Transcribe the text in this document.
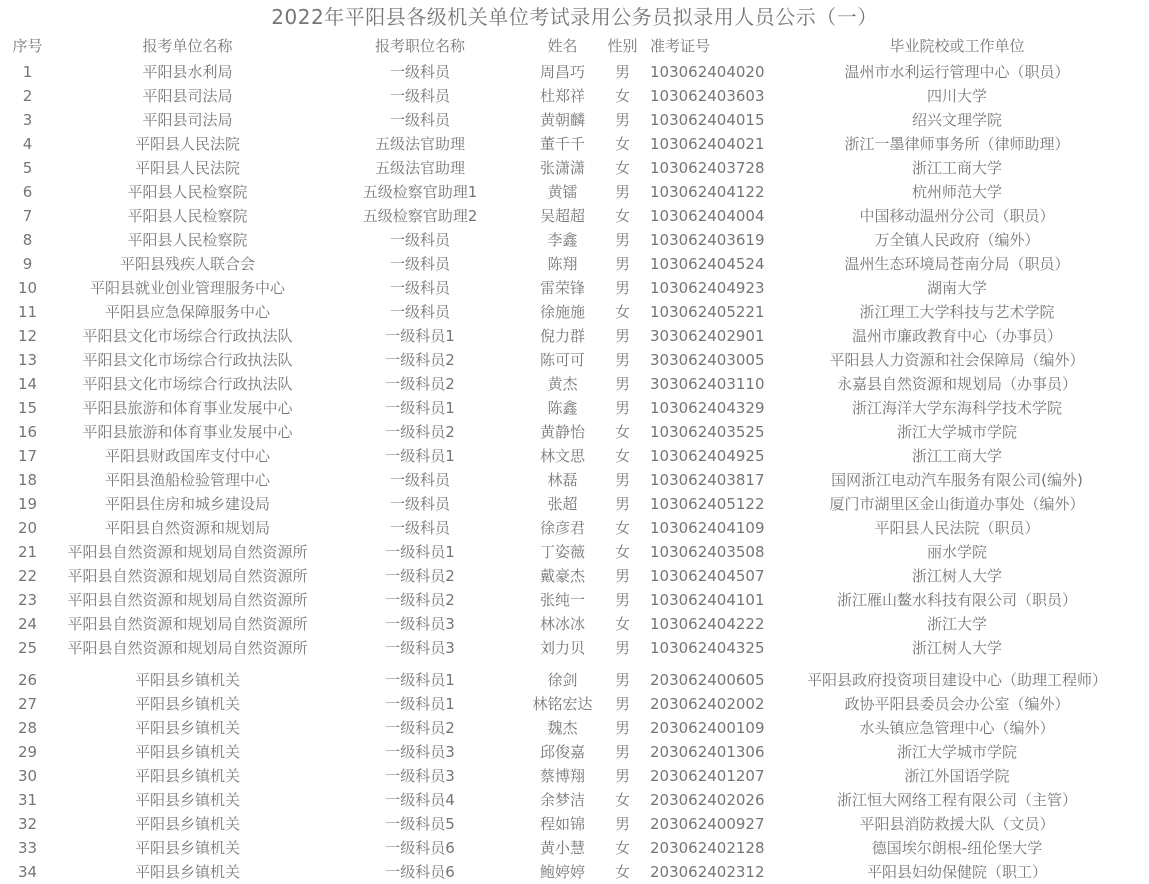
2022年平阳县各级机关单位考试录用公务员拟录用人员公示（一）
序号	报考单位名称	报考职位名称	姓名	性别	准考证号	毕业院校或工作单位
1	平阳县水利局	一级科员	周昌巧	男	103062404020	温州市水利运行管理中心（职员）
2	平阳县司法局	一级科员	杜郑祥	女	103062403603	四川大学
3	平阳县司法局	一级科员	黄朝麟	男	103062404015	绍兴文理学院
4	平阳县人民法院	五级法官助理	董千千	女	103062404021	浙江一墨律师事务所（律师助理）
5	平阳县人民法院	五级法官助理	张潇潇	女	103062403728	浙江工商大学
6	平阳县人民检察院	五级检察官助理1	黄镭	男	103062404122	杭州师范大学
7	平阳县人民检察院	五级检察官助理2	吴超超	女	103062404004	中国移动温州分公司（职员）
8	平阳县人民检察院	一级科员	李鑫	男	103062403619	万全镇人民政府（编外）
9	平阳县残疾人联合会	一级科员	陈翔	男	103062404524	温州生态环境局苍南分局（职员）
10	平阳县就业创业管理服务中心	一级科员	雷荣锋	男	103062404923	湖南大学
11	平阳县应急保障服务中心	一级科员	徐施施	女	103062405221	浙江理工大学科技与艺术学院
12	平阳县文化市场综合行政执法队	一级科员1	倪力群	男	303062402901	温州市廉政教育中心（办事员）
13	平阳县文化市场综合行政执法队	一级科员2	陈可可	男	303062403005	平阳县人力资源和社会保障局（编外）
14	平阳县文化市场综合行政执法队	一级科员2	黄杰	男	303062403110	永嘉县自然资源和规划局（办事员）
15	平阳县旅游和体育事业发展中心	一级科员1	陈鑫	男	103062404329	浙江海洋大学东海科学技术学院
16	平阳县旅游和体育事业发展中心	一级科员2	黄静怡	女	103062403525	浙江大学城市学院
17	平阳县财政国库支付中心	一级科员1	林文思	女	103062404925	浙江工商大学
18	平阳县渔船检验管理中心	一级科员	林磊	男	103062403817	国网浙江电动汽车服务有限公司(编外)
19	平阳县住房和城乡建设局	一级科员	张超	男	103062405122	厦门市湖里区金山街道办事处（编外）
20	平阳县自然资源和规划局	一级科员	徐彦君	女	103062404109	平阳县人民法院（职员）
21	平阳县自然资源和规划局自然资源所	一级科员1	丁姿薇	女	103062403508	丽水学院
22	平阳县自然资源和规划局自然资源所	一级科员2	戴豪杰	男	103062404507	浙江树人大学
23	平阳县自然资源和规划局自然资源所	一级科员2	张纯一	男	103062404101	浙江雁山鳌水科技有限公司（职员）
24	平阳县自然资源和规划局自然资源所	一级科员3	林冰冰	女	103062404222	浙江大学
25	平阳县自然资源和规划局自然资源所	一级科员3	刘力贝	男	103062404325	浙江树人大学
26	平阳县乡镇机关	一级科员1	徐剑	男	203062400605	平阳县政府投资项目建设中心（助理工程师）
27	平阳县乡镇机关	一级科员1	林铭宏达	男	203062402002	政协平阳县委员会办公室（编外）
28	平阳县乡镇机关	一级科员2	魏杰	男	203062400109	水头镇应急管理中心（编外）
29	平阳县乡镇机关	一级科员3	邱俊嘉	男	203062401306	浙江大学城市学院
30	平阳县乡镇机关	一级科员3	蔡博翔	男	203062401207	浙江外国语学院
31	平阳县乡镇机关	一级科员4	余梦洁	女	203062402026	浙江恒大网络工程有限公司（主管）
32	平阳县乡镇机关	一级科员5	程如锦	男	203062400927	平阳县消防救援大队（文员）
33	平阳县乡镇机关	一级科员6	黄小慧	女	203062402128	德国埃尔朗根-纽伦堡大学
34	平阳县乡镇机关	一级科员6	鲍婷婷	女	203062402312	平阳县妇幼保健院（职工）
